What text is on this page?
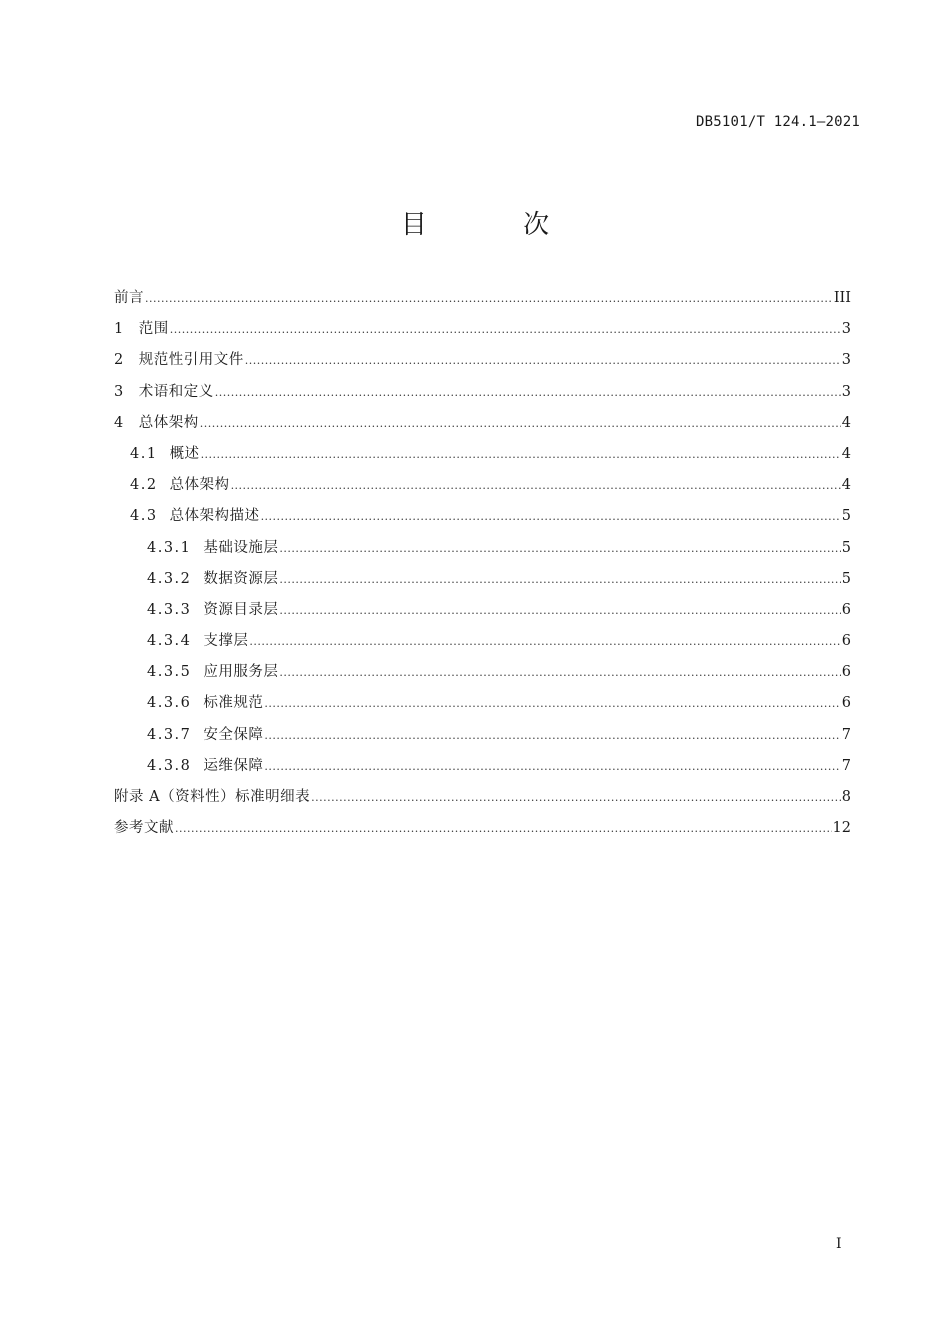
DB5101/T 124.1—2021
目 次
前言 .....	III
1 范围 .....	3
2 规范性引用文件 .....	3
3 术语和定义 .....	3
4 总体架构 .....	4
4.1 概述 .....	4
4.2 总体架构 .....	4
4.3 总体架构描述 .....	5
4.3.1 基础设施层 .....	5
4.3.2 数据资源层 .....	5
4.3.3 资源目录层 .....	6
4.3.4 支撑层 .....	6
4.3.5 应用服务层 .....	6
4.3.6 标准规范 .....	6
4.3.7 安全保障 .....	7
4.3.8 运维保障 .....	7
附录 A（资料性）标准明细表 .....	8
参考文献 .....	12
I
